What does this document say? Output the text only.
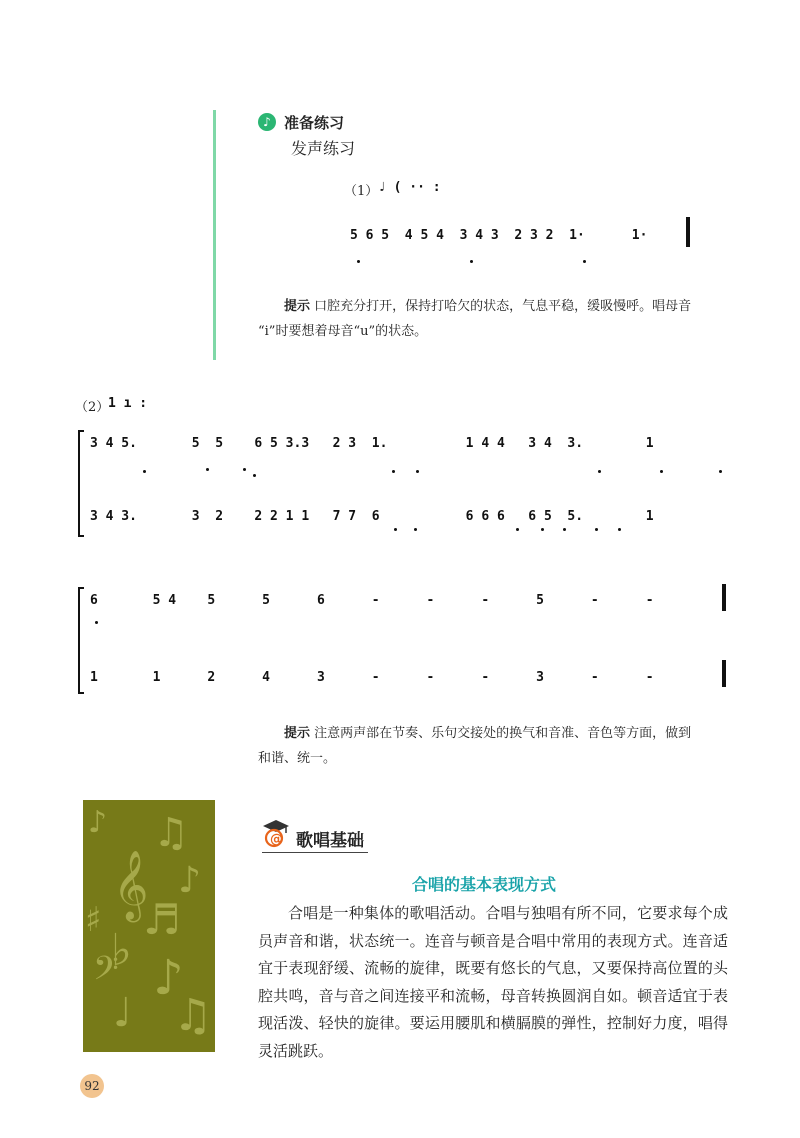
♪ 准备练习
发声练习
（1） ♩ ( ·· :
5 6 5  4 5 4  3 4 3  2 3 2  1·      1·
提示 口腔充分打开，保持打哈欠的状态，气息平稳，缓吸慢呼。唱母音
“i”时要想着母音“u”的状态。
（2）
1 ı :
3 4 5.       5  5    6 5 3.3   2 3  1.          1 4 4   3 4  3.        1
3 4 3.       3  2    2 2 1 1   7 7  6           6 6 6   6 5  5.        1
6       5 4    5      5      6      -      -      -      5      -      -
1       1      2      4      3      -      -      -      3      -      -
提示 注意两声部在节奏、乐句交接处的换气和音准、音色等方面，做到
和谐、统一。
𝄞
♫
♪
♬
♯
♭
𝄢 ♪
♩ ♫
♪	@ 歌唱基础
合唱的基本表现方式

合唱是一种集体的歌唱活动。合唱与独唱有所不同，它要求每个成员声音和谐，状态统一。连音与顿音是合唱中常用的表现方式。连音适宜于表现舒缓、流畅的旋律，既要有悠长的气息，又要保持高位置的头腔共鸣，音与音之间连接平和流畅，母音转换圆润自如。顿音适宜于表现活泼、轻快的旋律。要运用腰肌和横膈膜的弹性，控制好力度，唱得灵活跳跃。

92
